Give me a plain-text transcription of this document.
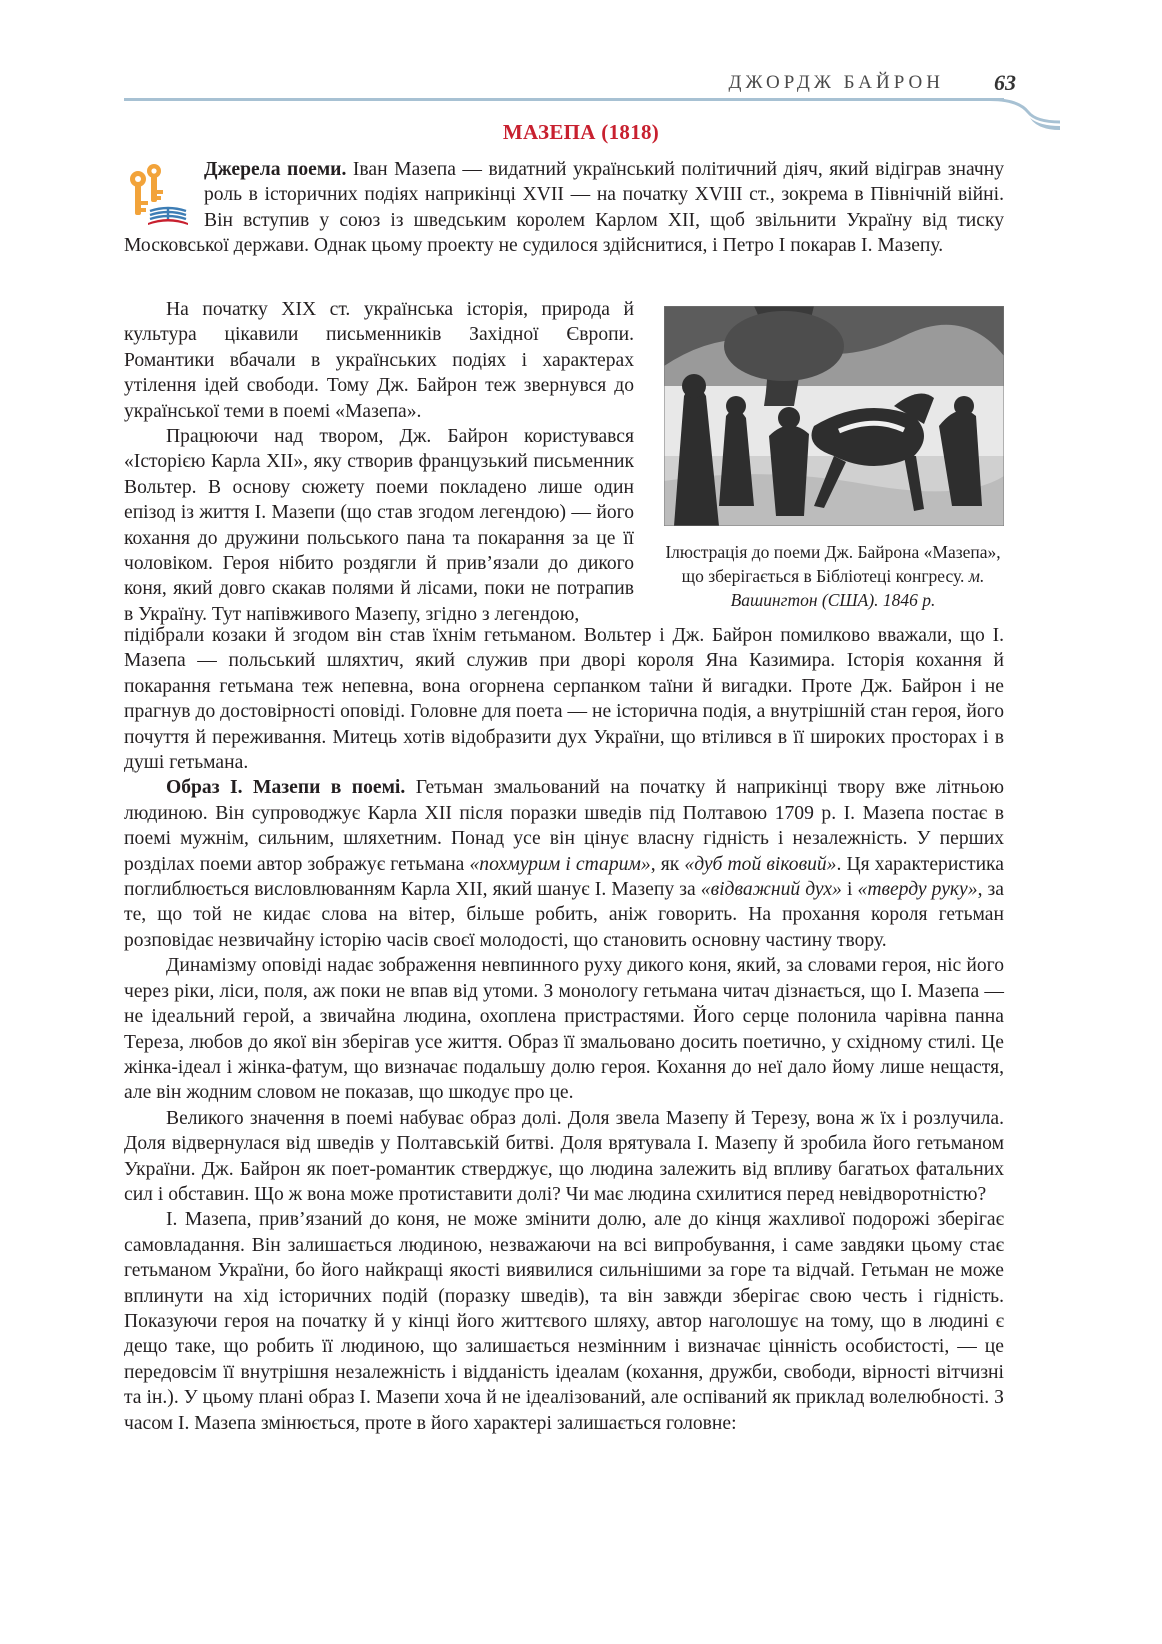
ДЖОРДЖ БАЙРОН 63
МАЗЕПА (1818)

Джерела поеми. Іван Мазепа — видатний український політичний діяч, який відіграв значну роль в історичних подіях наприкінці XVII — на початку XVIII ст., зокрема в Північній війні. Він вступив у союз із шведським королем Карлом XII, щоб звільнити Україну від тиску Московської держави. Однак цьому проекту не судилося здійснитися, і Петро I покарав І. Мазепу.

На початку XIX ст. українська історія, природа й культура цікавили письменників Західної Європи. Романтики вбачали в українських подіях і характерах утілення ідей свободи. Тому Дж. Байрон теж звернувся до української теми в поемі «Мазепа».

Працюючи над твором, Дж. Байрон користувався «Історією Карла XII», яку створив французький письменник Вольтер. В основу сюжету поеми покладено лише один епізод із життя І. Мазепи (що став згодом легендою) — його кохання до дружини польського пана та покарання за це її чоловіком. Героя нібито роздягли й прив’язали до дикого коня, який довго скакав полями й лісами, поки не потрапив в Україну. Тут напівживого Мазепу, згідно з легендою,

Ілюстрація до поеми Дж. Байрона «Мазепа», що зберігається в Бібліотеці конгресу. м. Вашингтон (США). 1846 р.

підібрали козаки й згодом він став їхнім гетьманом. Вольтер і Дж. Байрон помилково вважали, що І. Мазепа — польський шляхтич, який служив при дворі короля Яна Казимира. Історія кохання й покарання гетьмана теж непевна, вона огорнена серпанком таїни й вигадки. Проте Дж. Байрон і не прагнув до достовірності оповіді. Головне для поета — не історична подія, а внутрішній стан героя, його почуття й переживання. Митець хотів відобразити дух України, що втілився в її широких просторах і в душі гетьмана.

Образ І. Мазепи в поемі. Гетьман змальований на початку й наприкінці твору вже літньою людиною. Він супроводжує Карла XII після поразки шведів під Полтавою 1709 р. І. Мазепа постає в поемі мужнім, сильним, шляхетним. Понад усе він цінує власну гідність і незалежність. У перших розділах поеми автор зображує гетьмана «похмурим і старим», як «дуб той віковий». Ця характеристика поглиблюється висловлюванням Карла XII, який шанує І. Мазепу за «відважний дух» і «тверду руку», за те, що той не кидає слова на вітер, більше робить, аніж говорить. На прохання короля гетьман розповідає незвичайну історію часів своєї молодості, що становить основну частину твору.

Динамізму оповіді надає зображення невпинного руху дикого коня, який, за словами героя, ніс його через ріки, ліси, поля, аж поки не впав від утоми. З монологу гетьмана читач дізнається, що І. Мазепа — не ідеальний герой, а звичайна людина, охоплена пристрастями. Його серце полонила чарівна панна Тереза, любов до якої він зберігав усе життя. Образ її змальовано досить поетично, у східному стилі. Це жінка-ідеал і жінка-фатум, що визначає подальшу долю героя. Кохання до неї дало йому лише нещастя, але він жодним словом не показав, що шкодує про це.

Великого значення в поемі набуває образ долі. Доля звела Мазепу й Терезу, вона ж їх і розлучила. Доля відвернулася від шведів у Полтавській битві. Доля врятувала І. Мазепу й зробила його гетьманом України. Дж. Байрон як поет-романтик стверджує, що людина залежить від впливу багатьох фатальних сил і обставин. Що ж вона може протиставити долі? Чи має людина схилитися перед невідворотністю?

І. Мазепа, прив’язаний до коня, не може змінити долю, але до кінця жахливої подорожі зберігає самовладання. Він залишається людиною, незважаючи на всі випробування, і саме завдяки цьому стає гетьманом України, бо його найкращі якості виявилися сильнішими за горе та відчай. Гетьман не може вплинути на хід історичних подій (поразку шведів), та він завжди зберігає свою честь і гідність. Показуючи героя на початку й у кінці його життєвого шляху, автор наголошує на тому, що в людині є дещо таке, що робить її людиною, що залишається незмінним і визначає цінність особистості, — це передовсім її внутрішня незалежність і відданість ідеалам (кохання, дружби, свободи, вірності вітчизні та ін.). У цьому плані образ І. Мазепи хоча й не ідеалізований, але оспіваний як приклад волелюбності. З часом І. Мазепа змінюється, проте в його характері залишається головне:
